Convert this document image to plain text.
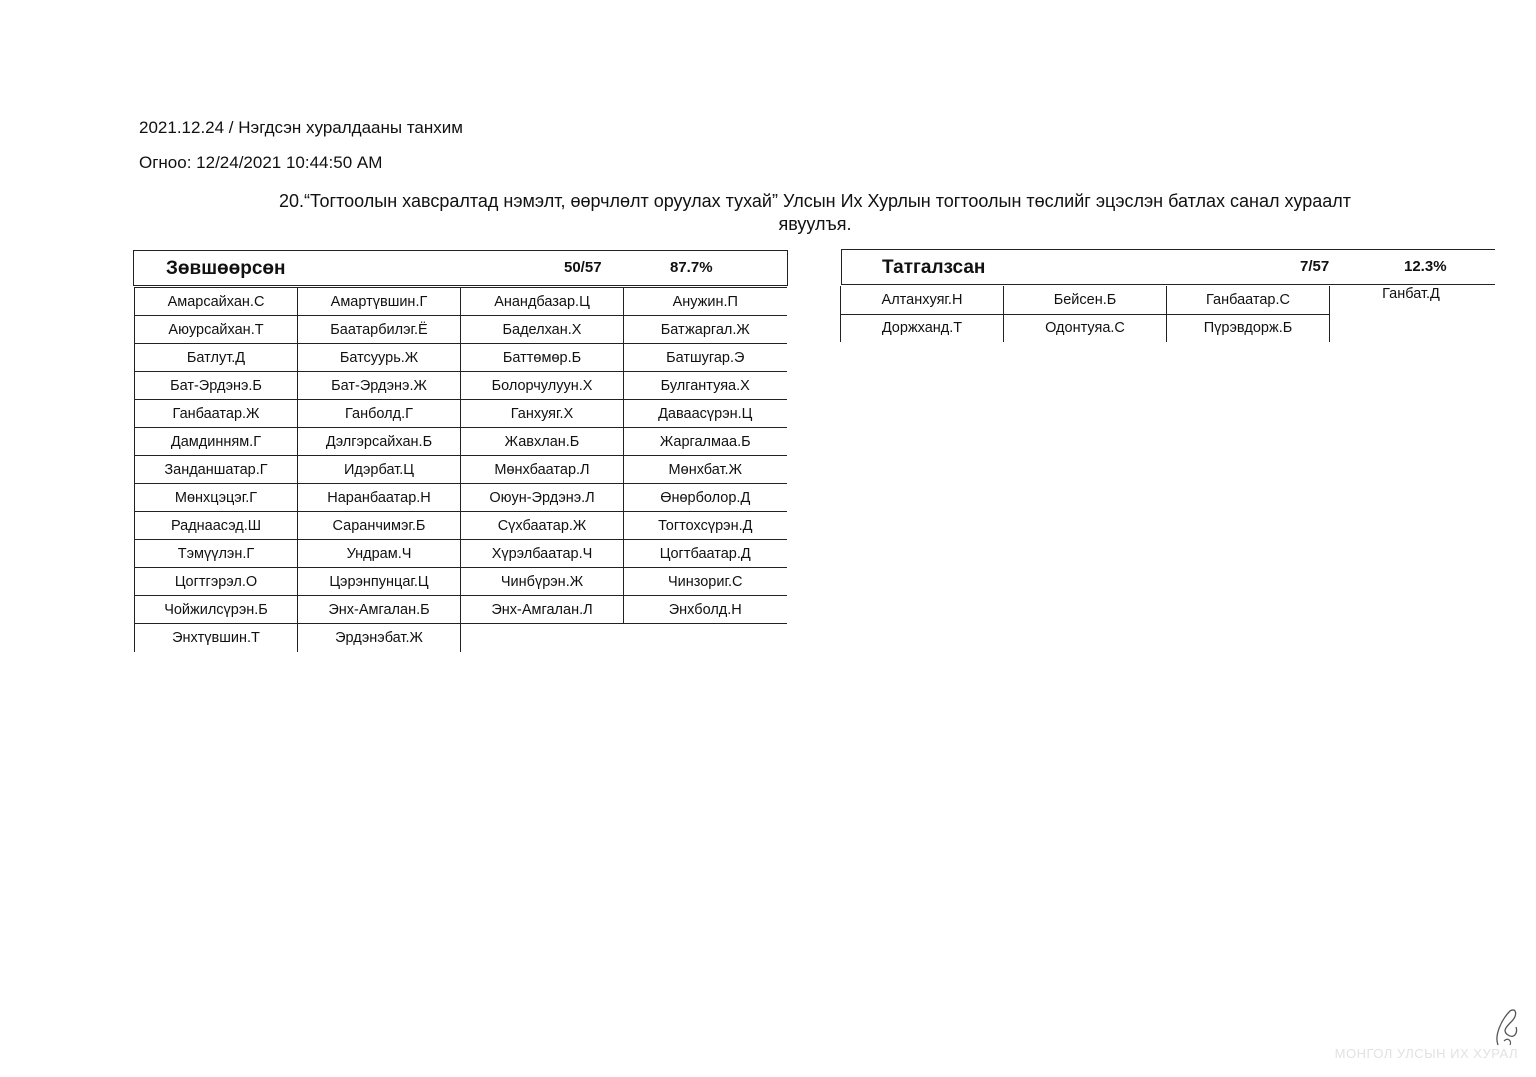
2021.12.24 / Нэгдсэн хуралдааны танхим
Огноо: 12/24/2021 10:44:50 AM
20.“Тогтоолын хавсралтад нэмэлт, өөрчлөлт оруулах тухай” Улсын Их Хурлын тогтоолын төслийг эцэслэн батлах санал хураалт
явуулъя.
Зөвшөөрсөн	50/57	87.7%
Амарсайхан.С	Амартүвшин.Г	Анандбазар.Ц	Анужин.П
Аюурсайхан.Т	Баатарбилэг.Ё	Баделхан.Х	Батжаргал.Ж
Батлут.Д	Батсуурь.Ж	Баттөмөр.Б	Батшугар.Э
Бат-Эрдэнэ.Б	Бат-Эрдэнэ.Ж	Болорчулуун.Х	Булгантуяа.Х
Ганбаатар.Ж	Ганболд.Г	Ганхуяг.Х	Даваасүрэн.Ц
Дамдинням.Г	Дэлгэрсайхан.Б	Жавхлан.Б	Жаргалмаа.Б
Занданшатар.Г	Идэрбат.Ц	Мөнхбаатар.Л	Мөнхбат.Ж
Мөнхцэцэг.Г	Наранбаатар.Н	Оюун-Эрдэнэ.Л	Өнөрболор.Д
Раднаасэд.Ш	Саранчимэг.Б	Сүхбаатар.Ж	Тогтохсүрэн.Д
Тэмүүлэн.Г	Ундрам.Ч	Хүрэлбаатар.Ч	Цогтбаатар.Д
Цогтгэрэл.О	Цэрэнпунцаг.Ц	Чинбүрэн.Ж	Чинзориг.С
Чойжилсүрэн.Б	Энх-Амгалан.Б	Энх-Амгалан.Л	Энхболд.Н
Энхтүвшин.Т	Эрдэнэбат.Ж		
Татгалзсан	7/57	12.3%
Алтанхуяг.Н	Бейсен.Б	Ганбаатар.С	Ганбат.Д
Доржханд.Т	Одонтуяа.С	Пүрэвдорж.Б	
МОНГОЛ УЛСЫН ИХ ХУРАЛ
